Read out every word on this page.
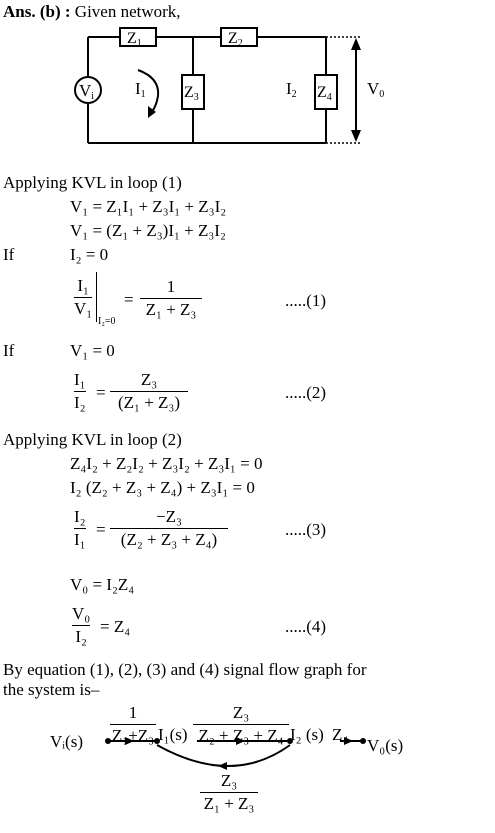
Ans. (b) : Given network,
Vi
Z1	Z2
Z3	Z4
I1	I2	V0
Applying KVL in loop (1)
V₁ = Z₁I₁ + Z₃I₁ + Z₃I₂
V₁ = (Z₁ + Z₃)I₁ + Z₃I₂
If	I₂ = 0
I₁
V₁
I₂=0
=
1
Z₁ + Z₃	.....(1)
If	V₁ = 0
I₁
I₂
=
Z₃
(Z₁ + Z₃)
.....(2)
Applying KVL in loop (2)
Z₄I₂ + Z₂I₂ + Z₃I₂ + Z₃I₁ = 0
I₂ (Z₂ + Z₃ + Z₄) + Z₃I₁ = 0
I₂
I₁
=
−Z₃
(Z₂ + Z₃ + Z₄)
.....(3)
V₀ = I₂Z₄
V₀
I₂
= Z₄	.....(4)
By equation (1), (2), (3) and (4) signal flow graph for
the system is–
Vᵢ(s)
1
Z₁+Z₃ I₁(s)
Z₃
Z₂ + Z₃ + Z₄ I₂ (s) Z₄
V₀(s)
Z₃
Z₁ + Z₃
